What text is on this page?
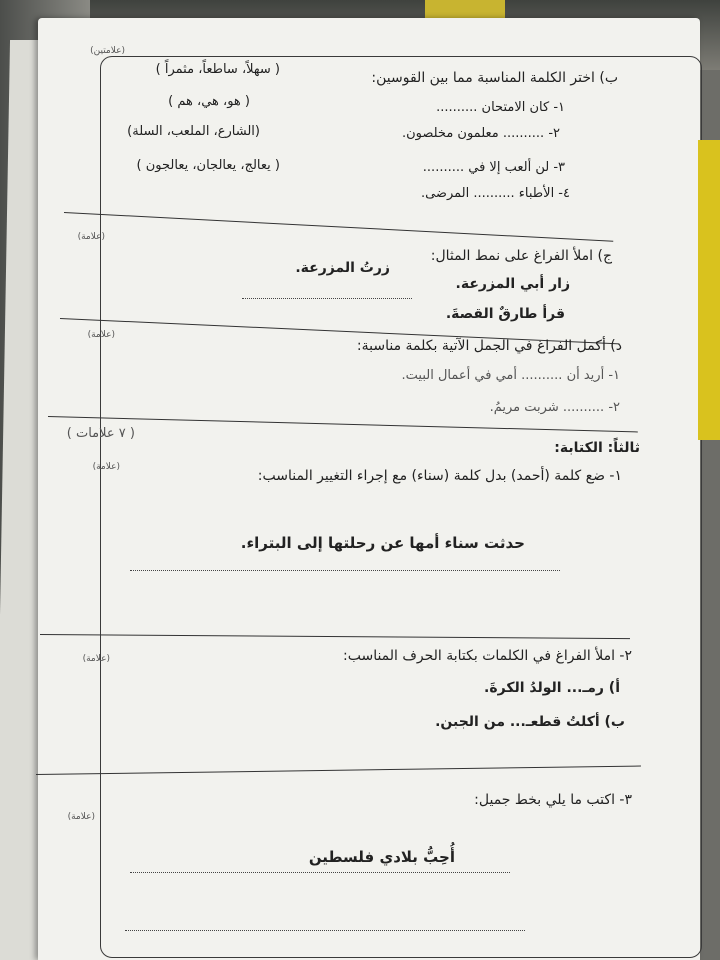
(علامتين)
ب) اختر الكلمة المناسبة مما بين القوسين:
١- كان الامتحان ..........
( سهلاً، ساطعاً، مثمراً )
٢- .......... معلمون مخلصون.
( هو، هي، هم )
٣- لن ألعب إلا في ..........
(الشارع، الملعب، السلة)
٤- الأطباء .......... المرضى.
( يعالج، يعالجان، يعالجون )
(علامة)
ج) املأ الفراغ على نمط المثال:
زار أبي المزرعة.
زرتُ المزرعة.
قرأ طارقٌ القصةَ.
(علامة)
د) أكمل الفراغ في الجمل الآتية بكلمة مناسبة:
١- أريد أن .......... أمي في أعمال البيت.
٢- .......... شربت مريمُ.
( ٧ علامات )
ثالثاً: الكتابة:
(علامة)
١- ضع كلمة (أحمد) بدل كلمة (سناء) مع إجراء التغيير المناسب:
حدثت سناء أمها عن رحلتها إلى البتراء.
(علامة)	٢- املأ الفراغ في الكلمات بكتابة الحرف المناسب:
أ) رمـ... الولدُ الكرةَ.
ب) أكلتُ قطعـ... من الجبن.
(علامة)
٣- اكتب ما يلي بخط جميل:
أُحِبُّ بلادي فلسطين
